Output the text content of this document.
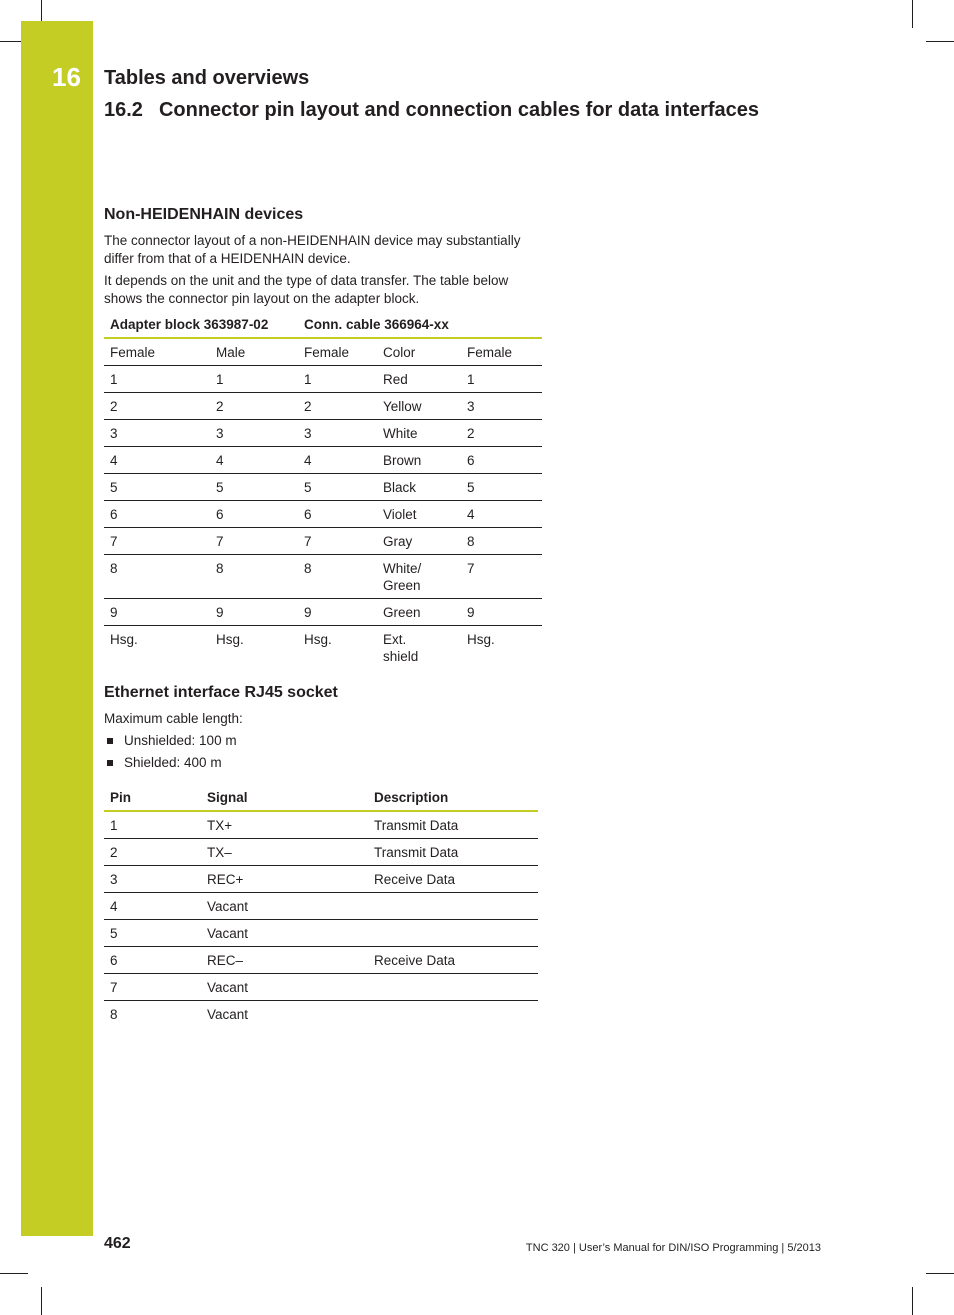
16 Tables and overviews
16.2 Connector pin layout and connection cables for data interfaces
Non-HEIDENHAIN devices

The connector layout of a non-HEIDENHAIN device may substantially differ from that of a HEIDENHAIN device.

It depends on the unit and the type of data transfer. The table below shows the connector pin layout on the adapter block.

Adapter block 363987-02		Conn. cable 366964-xx		
Female	Male	Female	Color	Female
1	1	1	Red	1
2	2	2	Yellow	3
3	3	3	White	2
4	4	4	Brown	6
5	5	5	Black	5
6	6	6	Violet	4
7	7	7	Gray	8
8	8	8	White/ Green	7
9	9	9	Green	9
Hsg.	Hsg.	Hsg.	Ext. shield	Hsg.
Ethernet interface RJ45 socket

Maximum cable length:

Unshielded: 100 m
Shielded: 400 m
Pin	Signal	Description
1	TX+	Transmit Data
2	TX–	Transmit Data
3	REC+	Receive Data
4	Vacant	
5	Vacant	
6	REC–	Receive Data
7	Vacant	
8	Vacant	
462	TNC 320 | User’s Manual for DIN/ISO Programming | 5/2013
